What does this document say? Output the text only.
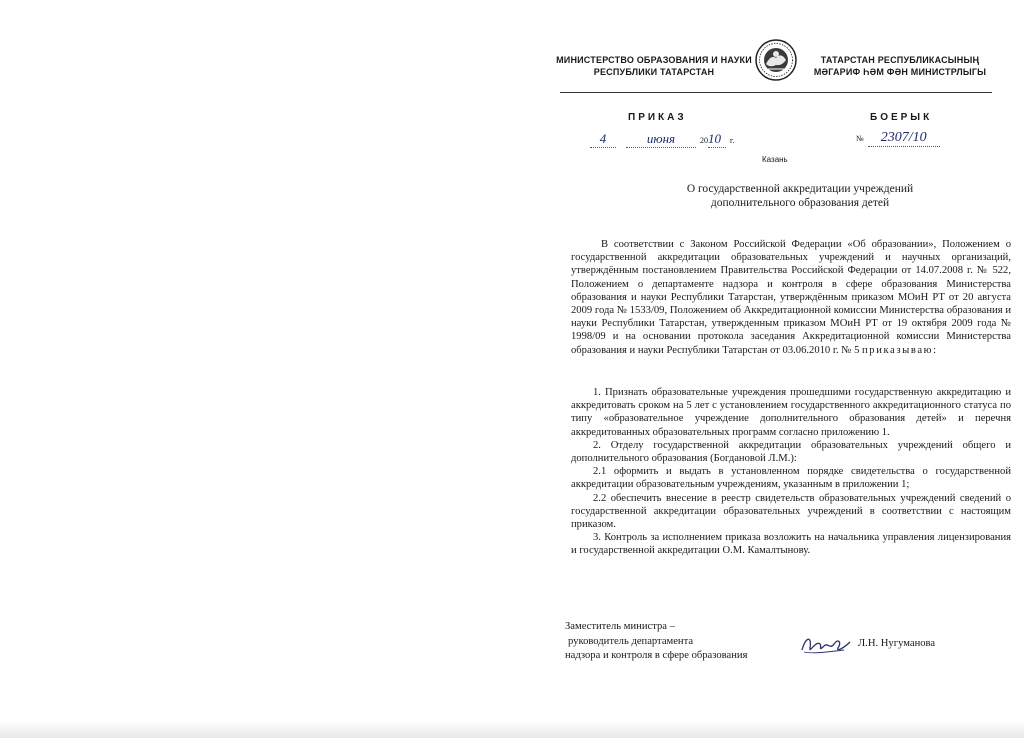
МИНИСТЕРСТВО ОБРАЗОВАНИЯ И НАУКИ
РЕСПУБЛИКИ ТАТАРСТАН
ТАТАРСТАН РЕСПУБЛИКАСЫНЫҢ
МӘГАРИФ ҺӘМ ФӘН МИНИСТРЛЫГЫ
ПРИКАЗ	БОЕРЫК
4	июня	2010 г.	№ 2307/10
Казань
О государственной аккредитации учреждений
дополнительного образования детей
В соответствии с Законом Российской Федерации «Об образовании», Положением о государственной аккредитации образовательных учреждений и научных организаций, утверждённым постановлением Правительства Российской Федерации от 14.07.2008 г. № 522, Положением о департаменте надзора и контроля в сфере образования Министерства образования и науки Республики Татарстан, утверждённым приказом МОиН РТ от 20 августа 2009 года № 1533/09, Положением об Аккредитационной комиссии Министерства образования и науки Республики Татарстан, утвержденным приказом МОиН РТ от 19 октября 2009 года № 1998/09 и на основании протокола заседания Аккредитационной комиссии Министерства образования и науки Республики Татарстан от 03.06.2010 г. № 5 приказываю:

1. Признать образовательные учреждения прошедшими государственную аккредитацию и аккредитовать сроком на 5 лет с установлением государственного аккредитационного статуса по типу «образовательное учреждение дополнительного образования детей» и перечня аккредитованных образовательных программ согласно приложению 1.

2. Отделу государственной аккредитации образовательных учреждений общего и дополнительного образования (Богдановой Л.М.):

2.1 оформить и выдать в установленном порядке свидетельства о государственной аккредитации образовательным учреждениям, указанным в приложении 1;

2.2 обеспечить внесение в реестр свидетельств образовательных учреждений сведений о государственной аккредитации образовательных учреждений в соответствии с настоящим приказом.

3. Контроль за исполнением приказа возложить на начальника управления лицензирования и государственной аккредитации О.М. Камалтынову.

Заместитель министра –
руководитель департамента
надзора и контроля в сфере образования
Л.Н. Нугуманова
